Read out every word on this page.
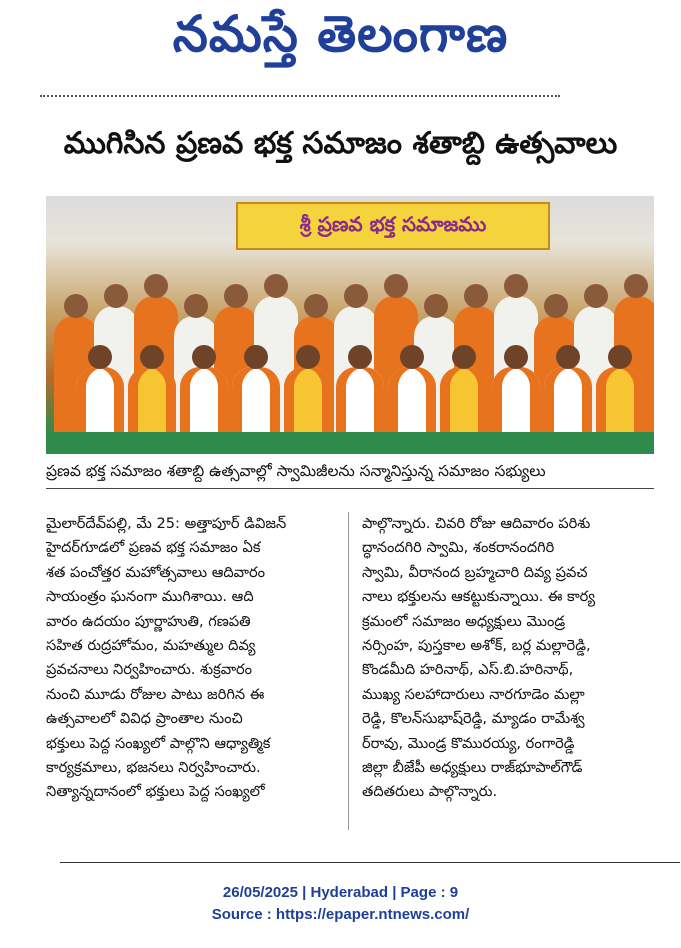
నమస్తే తెలంగాణ
ముగిసిన ప్రణవ భక్త సమాజం శతాబ్ది ఉత్సవాలు
శ్రీ ప్రణవ భక్త సమాజము
ప్రణవ భక్త సమాజం శతాబ్ది ఉత్సవాల్లో స్వామిజీలను సన్మానిస్తున్న సమాజం సభ్యులు

మైలార్‌దేవ్‌పల్లి, మే 25: అత్తాపూర్ డివిజన్

హైదర్‌గూడలో ప్రణవ భక్త సమాజం ఏక

శత పంచోత్తర మహోత్సవాలు ఆదివారం

సాయంత్రం ఘనంగా ముగిశాయి. ఆది

వారం ఉదయం పూర్ణాహుతి, గణపతి

సహిత రుద్రహోమం, మహత్ముల దివ్య

ప్రవచనాలు నిర్వహించారు. శుక్రవారం

నుంచి మూడు రోజుల పాటు జరిగిన ఈ

ఉత్సవాలలో వివిధ ప్రాంతాల నుంచి

భక్తులు పెద్ద సంఖ్యలో పాల్గొని ఆధ్యాత్మిక

కార్యక్రమాలు, భజనలు నిర్వహించారు.

నిత్యాన్నదానంలో భక్తులు పెద్ద సంఖ్యలో

పాల్గొన్నారు. చివరి రోజు ఆదివారం పరిశు

ద్ధానందగిరి స్వామి, శంకరానందగిరి

స్వామి, వీరానంద బ్రహ్మచారి దివ్య ప్రవచ

నాలు భక్తులను ఆకట్టుకున్నాయి. ఈ కార్య

క్రమంలో సమాజం అధ్యక్షులు మొండ్ర

నర్సింహ, పుస్తకాల అశోక్, బర్ల మల్లారెడ్డి,

కొండమీది హరినాథ్, ఎస్.బి.హరినాథ్,

ముఖ్య సలహాదారులు నారగూడెం మల్లా

రెడ్డి, కొలన్‌సుభాష్‌రెడ్డి, మ్యాడం రామేశ్వ

ర్‌రావు, మొండ్ర కొమురయ్య, రంగారెడ్డి

జిల్లా బీజేపీ అధ్యక్షులు రాజ్‌భూపాల్‌గౌడ్

తదితరులు పాల్గొన్నారు.

26/05/2025 | Hyderabad | Page : 9
Source : https://epaper.ntnews.com/
